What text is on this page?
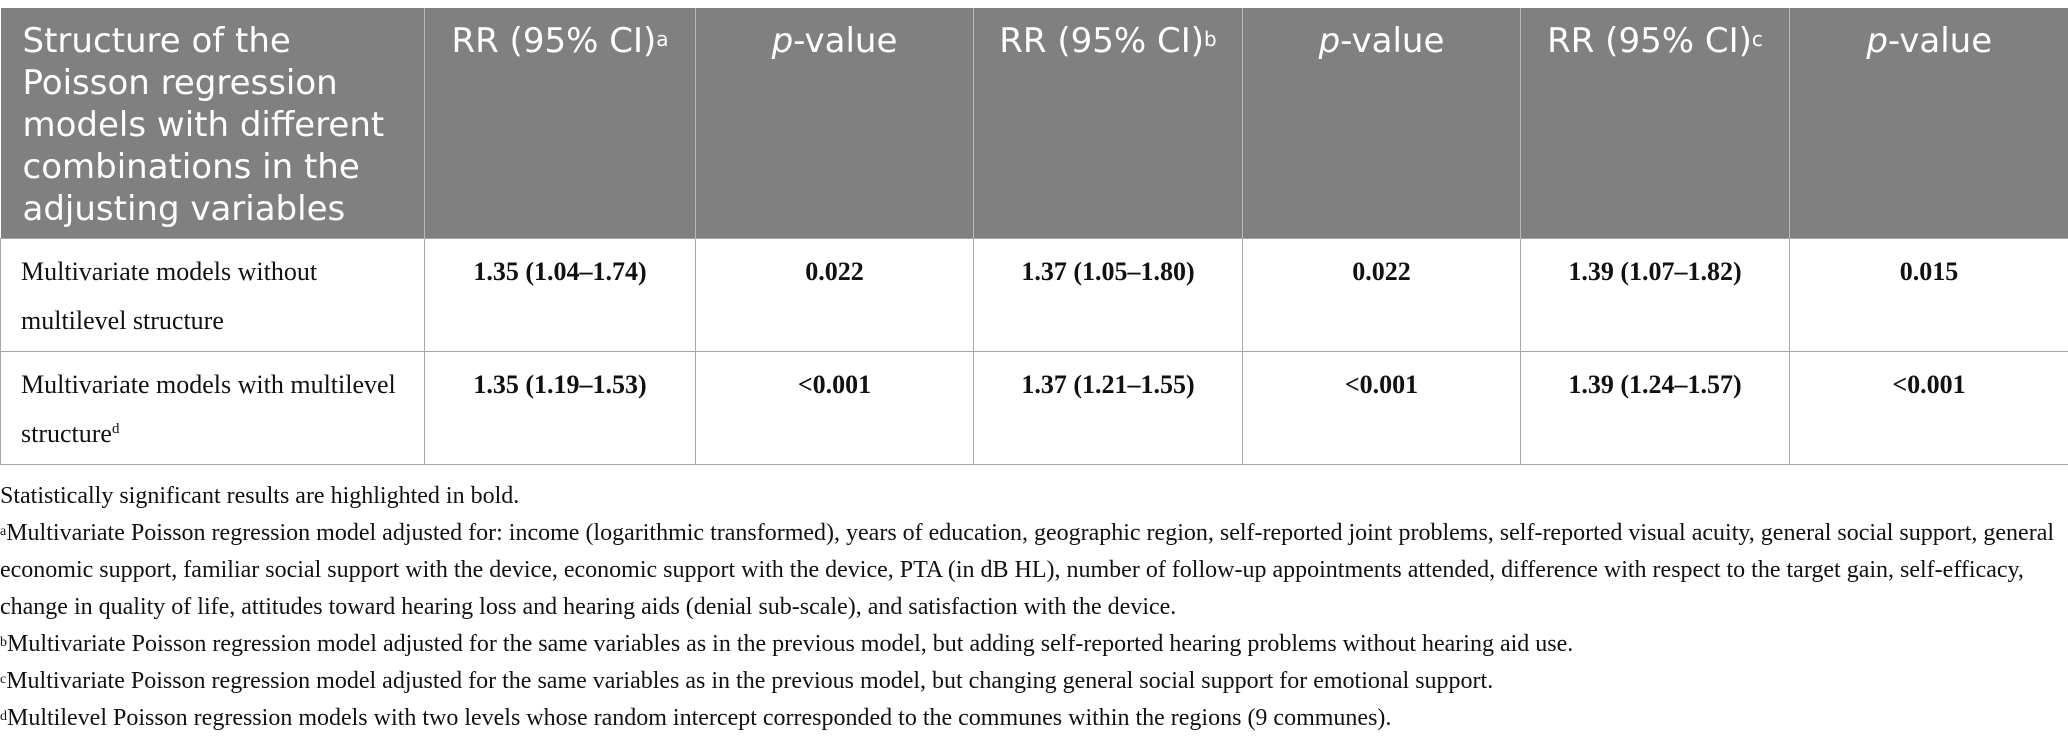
Structure of the Poisson regression models with different combinations in the adjusting variables	RR (95% CI)$^a$	p-value	RR (95% CI)$^b$	p-value	RR (95% CI)$^c$	p-value
Multivariate models without multilevel structure	1.35 (1.04–1.74)	0.022	1.37 (1.05–1.80)	0.022	1.39 (1.07–1.82)	0.015
Multivariate models with multilevel structure$^d$	1.35 (1.19–1.53)	<0.001	1.37 (1.21–1.55)	<0.001	1.39 (1.24–1.57)	<0.001

Statistically significant results are highlighted in bold.

$^a$Multivariate Poisson regression model adjusted for: income (logarithmic transformed), years of education, geographic region, self-reported joint problems, self-reported visual acuity, general social support, general economic support, familiar social support with the device, economic support with the device, PTA (in dB HL), number of follow-up appointments attended, difference with respect to the target gain, self-efficacy, change in quality of life, attitudes toward hearing loss and hearing aids (denial sub-scale), and satisfaction with the device.

$^b$Multivariate Poisson regression model adjusted for the same variables as in the previous model, but adding self-reported hearing problems without hearing aid use.

$^c$Multivariate Poisson regression model adjusted for the same variables as in the previous model, but changing general social support for emotional support.

$^d$Multilevel Poisson regression models with two levels whose random intercept corresponded to the communes within the regions (9 communes).
